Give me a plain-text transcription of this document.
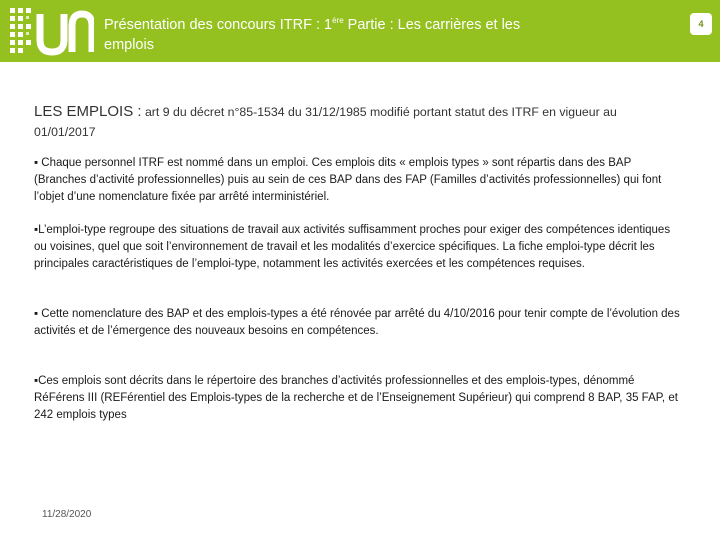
Présentation des concours ITRF : 1ère Partie : Les carrières et les emplois
4
LES EMPLOIS : art 9 du décret n°85-1534 du 31/12/1985 modifié portant statut des ITRF en vigueur au 01/01/2017
▪ Chaque personnel ITRF est nommé dans un emploi. Ces emplois dits « emplois types » sont répartis dans des BAP (Branches d’activité professionnelles) puis au sein de ces BAP dans des FAP (Familles d’activités professionnelles) qui font l’objet d’une nomenclature fixée par arrêté interministériel.
▪L’emploi-type regroupe des situations de travail aux activités suffisamment proches pour exiger des compétences identiques ou voisines, quel que soit l’environnement de travail et les modalités d’exercice spécifiques. La fiche emploi-type décrit les principales caractéristiques de l’emploi-type, notamment les activités exercées et les compétences requises.
▪ Cette nomenclature des BAP et des emplois-types a été rénovée par arrêté du 4/10/2016 pour tenir compte de l’évolution des activités et de l’émergence des nouveaux besoins en compétences.
▪Ces emplois sont décrits dans le répertoire des branches d’activités professionnelles et des emplois-types, dénommé RéFérens III (REFérentiel des Emplois-types de la recherche et de l’Enseignement Supérieur) qui comprend 8 BAP, 35 FAP, et 242 emplois types
11/28/2020
